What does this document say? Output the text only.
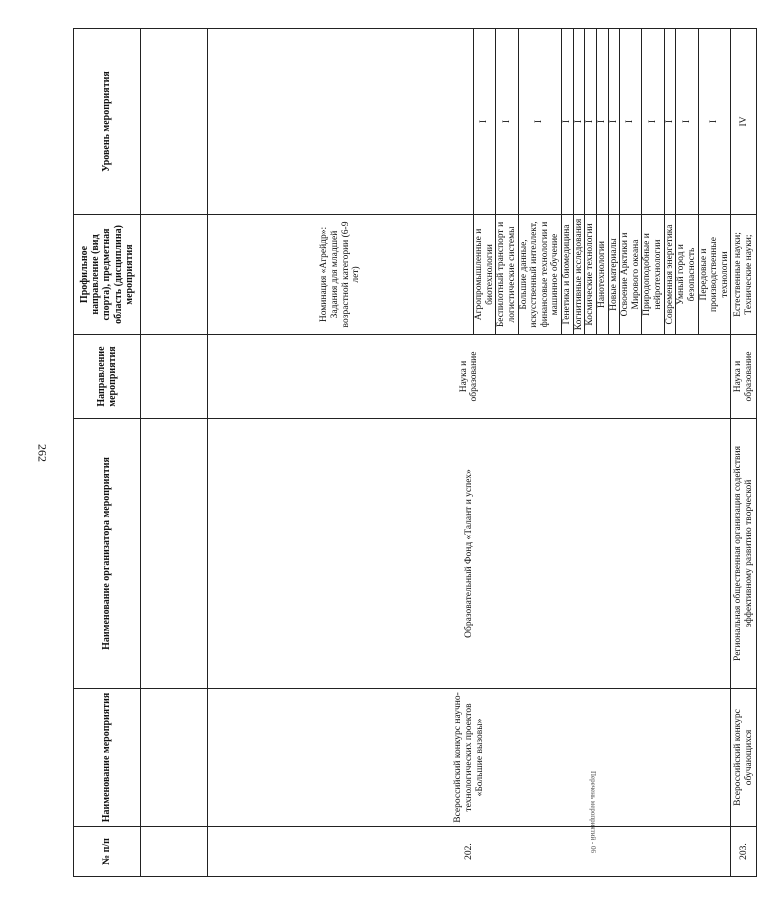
262
Перечень мероприятий - 06
№ п/п	Наименование мероприятия	Наименование организатора мероприятия	Направление мероприятия	Профильное направление (вид спорта), предметная область (дисциплина) мероприятия	Уровень мероприятия

202.	Всероссийский конкурс научно-технологических проектов «Большие вызовы»	Образовательный Фонд «Талант и успех»	Наука и образование	Номинация «Агрейдр»: Задания для младшей возрастной категории (6-9 лет)	
				Агропромышленные и биотехнологии	I
				Беспилотный транспорт и логистические системы	I
				Большие данные, искусственный интеллект, финансовые технологии и машинное обучение	I
				Генетика и биомедицина	I
				Когнитивные исследования	I
				Космические технологии	I
				Нанотехнологии	I
				Новые материалы	I
				Освоение Арктики и Мирового океана	I
				Природоподобные и нейротехнологии	I
				Современная энергетика	I
				Умный город и безопасность	I
				Передовые и производственные технологии	I
203.	Всероссийский конкурс обучающихся	Региональная общественная организация содействия эффективному развитию творческой	Наука и образование	Естественные науки; Технические науки;	IV
